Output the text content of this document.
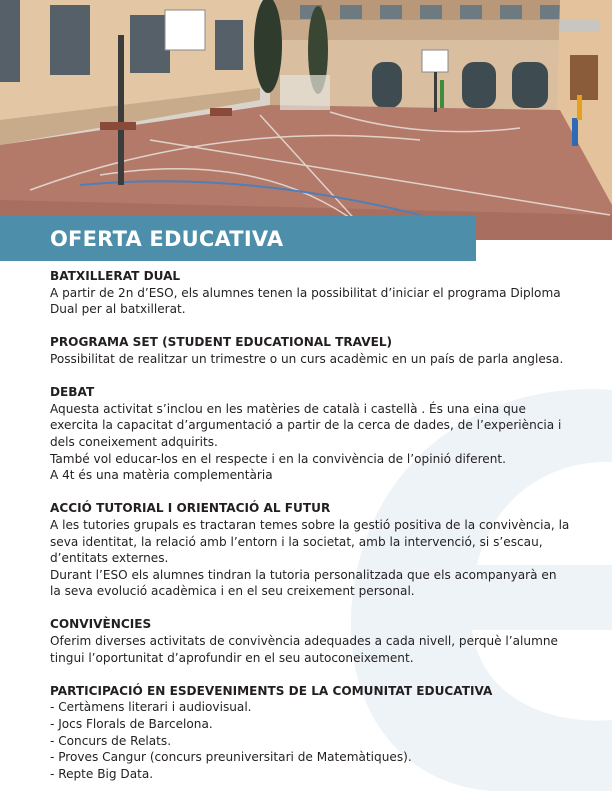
OFERTA EDUCATIVA
BATXILLERAT DUAL

A partir de 2n d’ESO, els alumnes tenen la possibilitat d’iniciar el programa Diploma Dual per al batxillerat.

PROGRAMA SET (STUDENT EDUCATIONAL TRAVEL)

Possibilitat de realitzar un trimestre o un curs acadèmic en un país de parla anglesa.

DEBAT

Aquesta activitat s’inclou en les matèries de català i castellà . És una eina que exercita la capacitat d’argumentació a partir de la cerca de dades, de l’experiència i dels coneixement adquirits.

També vol educar-los en el respecte i en la convivència de l’opinió diferent.

A 4t és una matèria complementària

ACCIÓ TUTORIAL I ORIENTACIÓ AL FUTUR

A les tutories grupals es tractaran temes sobre la gestió positiva de la convivència, la seva identitat, la relació amb l’entorn i la societat, amb la intervenció, si s’escau, d’entitats externes.

Durant l’ESO els alumnes tindran la tutoria personalitzada que els acompanyarà en la seva evolució acadèmica i en el seu creixement personal.

CONVIVÈNCIES

Oferim diverses activitats de convivència adequades a cada nivell, perquè l’alumne tingui l’oportunitat d’aprofundir en el seu autoconeixement.

PARTICIPACIÓ EN ESDEVENIMENTS DE LA COMUNITAT EDUCATIVA
- Certàmens literari i audiovisual.
- Jocs Florals de Barcelona.
- Concurs de Relats.
- Proves Cangur (concurs preuniversitari de Matemàtiques).
- Repte Big Data.
